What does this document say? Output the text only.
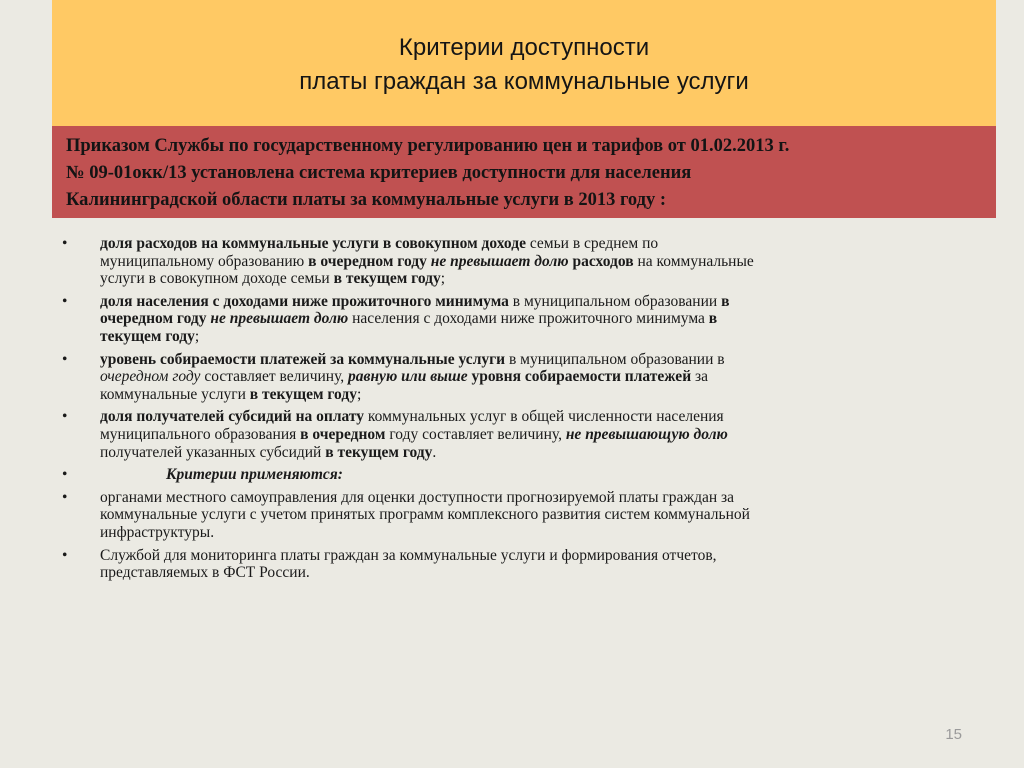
Критерии доступности
платы граждан за коммунальные услуги
Приказом Службы по государственному регулированию цен и тарифов от 01.02.2013 г.
№ 09-01окк/13 установлена система критериев доступности для населения
Калининградской области платы за коммунальные услуги в 2013 году :
• доля расходов на коммунальные услуги в совокупном доходе семьи в среднем по
муниципальному образованию в очередном году не превышает долю расходов на коммунальные
услуги в совокупном доходе семьи в текущем году;
• доля населения с доходами ниже прожиточного минимума в муниципальном образовании в
очередном году не превышает долю населения с доходами ниже прожиточного минимума в
текущем году;
• уровень собираемости платежей за коммунальные услуги в муниципальном образовании в
очередном году составляет величину, равную или выше уровня собираемости платежей за
коммунальные услуги в текущем году;
• доля получателей субсидий на оплату коммунальных услуг в общей численности населения
муниципального образования в очередном году составляет величину, не превышающую долю
получателей указанных субсидий в текущем году.
•	Критерии применяются:
• органами местного самоуправления для оценки доступности прогнозируемой платы граждан за
коммунальные услуги с учетом принятых программ комплексного развития систем коммунальной
инфраструктуры.
• Службой для мониторинга платы граждан за коммунальные услуги и формирования отчетов,
представляемых в ФСТ России.
15
